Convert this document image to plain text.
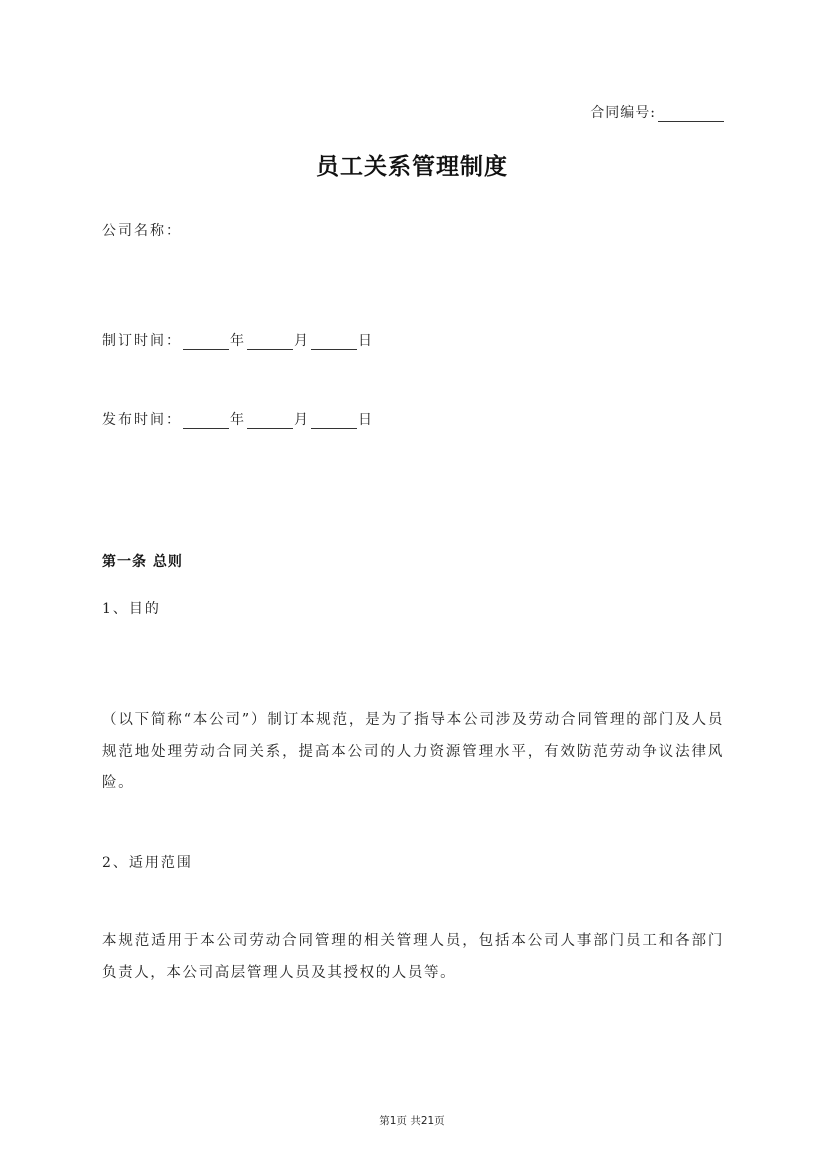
合同编号:
员工关系管理制度
公司名称：
制订时间：	年	月	日
发布时间：	年	月	日
第一条 总则
1、目的
（以下简称“本公司”）制订本规范，是为了指导本公司涉及劳动合同管理的部门及人员规范地处理劳动合同关系，提高本公司的人力资源管理水平，有效防范劳动争议法律风险。
2、适用范围
本规范适用于本公司劳动合同管理的相关管理人员，包括本公司人事部门员工和各部门负责人，本公司高层管理人员及其授权的人员等。
第1页 共21页
